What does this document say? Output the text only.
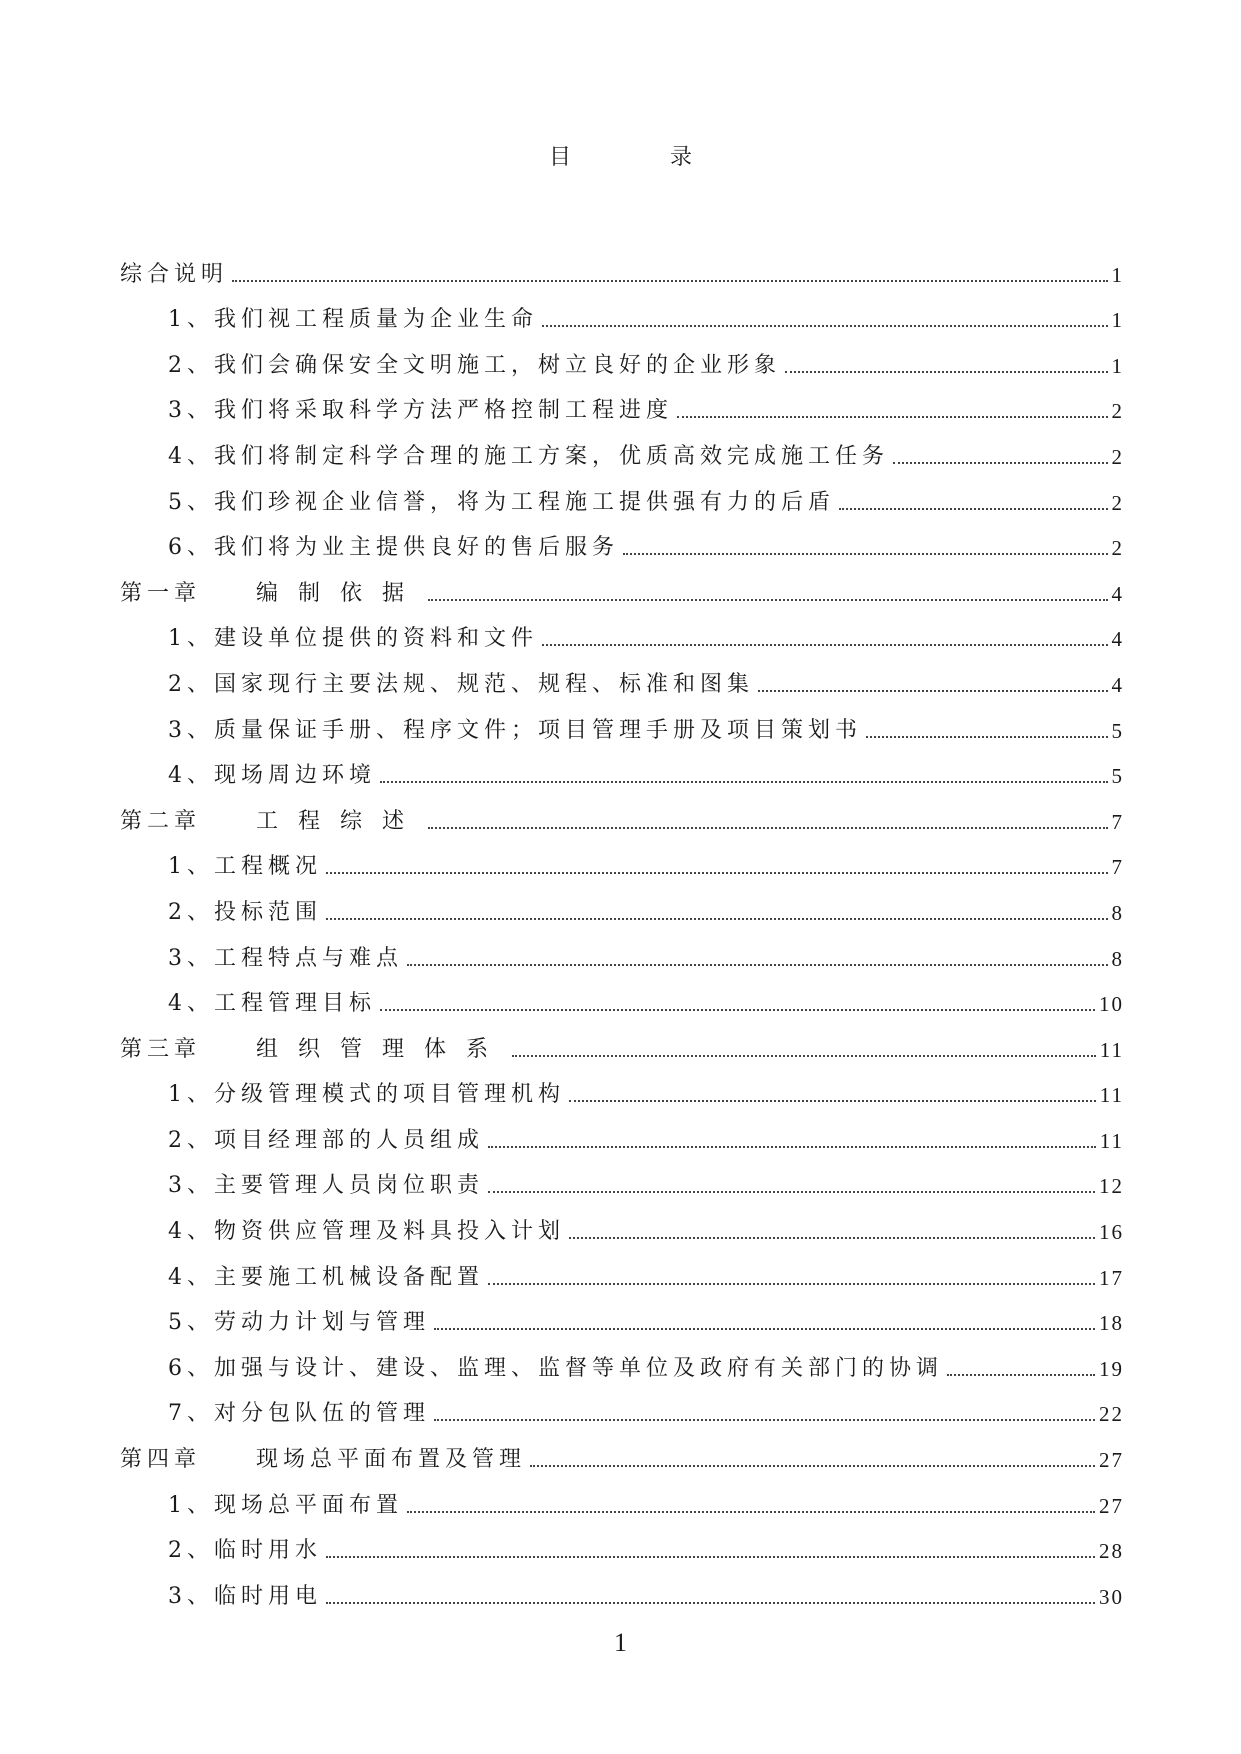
目 录
综合说明	1
1、我们视工程质量为企业生命	1
2、我们会确保安全文明施工，树立良好的企业形象	1
3、我们将采取科学方法严格控制工程进度	2
4、我们将制定科学合理的施工方案，优质高效完成施工任务	2
5、我们珍视企业信誉，将为工程施工提供强有力的后盾	2
6、我们将为业主提供良好的售后服务	2
第一章	编制依据	4
1、建设单位提供的资料和文件	4
2、国家现行主要法规、规范、规程、标准和图集	4
3、质量保证手册、程序文件；项目管理手册及项目策划书	5
4、现场周边环境	5
第二章	工程综述	7
1、工程概况	7
2、投标范围	8
3、工程特点与难点	8
4、工程管理目标	10
第三章	组织管理体系	11
1、分级管理模式的项目管理机构	11
2、项目经理部的人员组成	11
3、主要管理人员岗位职责	12
4、物资供应管理及料具投入计划	16
4、主要施工机械设备配置	17
5、劳动力计划与管理	18
6、加强与设计、建设、监理、监督等单位及政府有关部门的协调	19
7、对分包队伍的管理	22
第四章	现场总平面布置及管理	27
1、现场总平面布置	27
2、临时用水	28
3、临时用电	30
1
